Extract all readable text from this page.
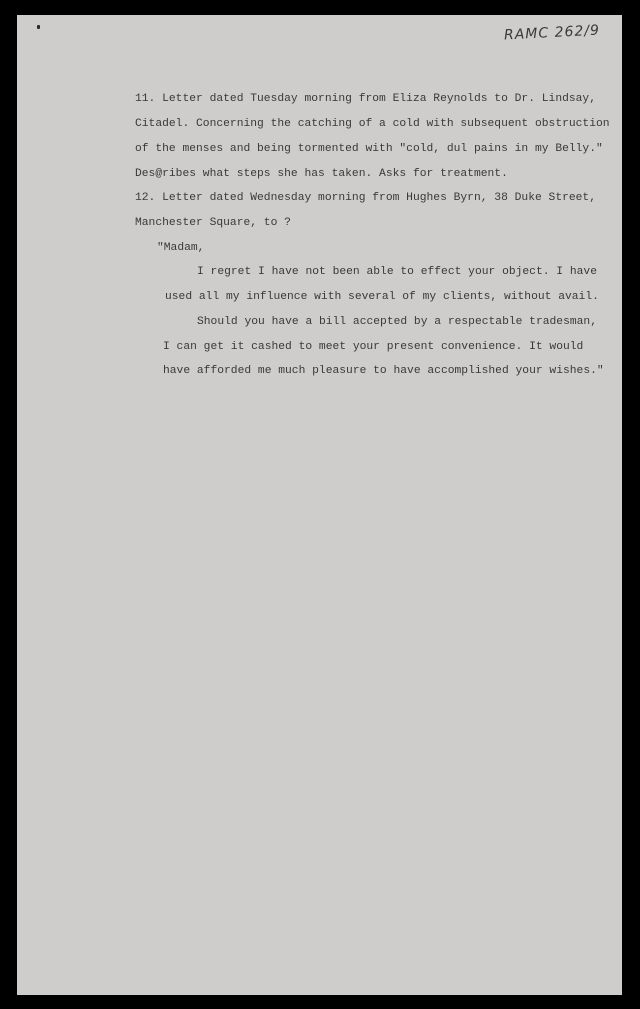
RAMC 262/9
11. Letter dated Tuesday morning from Eliza Reynolds to Dr. Lindsay,
Citadel. Concerning the catching of a cold with subsequent obstruction
of the menses and being tormented with "cold, dul pains in my Belly."
Des@ribes what steps she has taken. Asks for treatment.
12. Letter dated Wednesday morning from Hughes Byrn, 38 Duke Street,
Manchester Square, to ?
"Madam,
I regret I have not been able to effect your object. I have
used all my influence with several of my clients, without avail.
Should you have a bill accepted by a respectable tradesman,
I can get it cashed to meet your present convenience. It would
have afforded me much pleasure to have accomplished your wishes."
